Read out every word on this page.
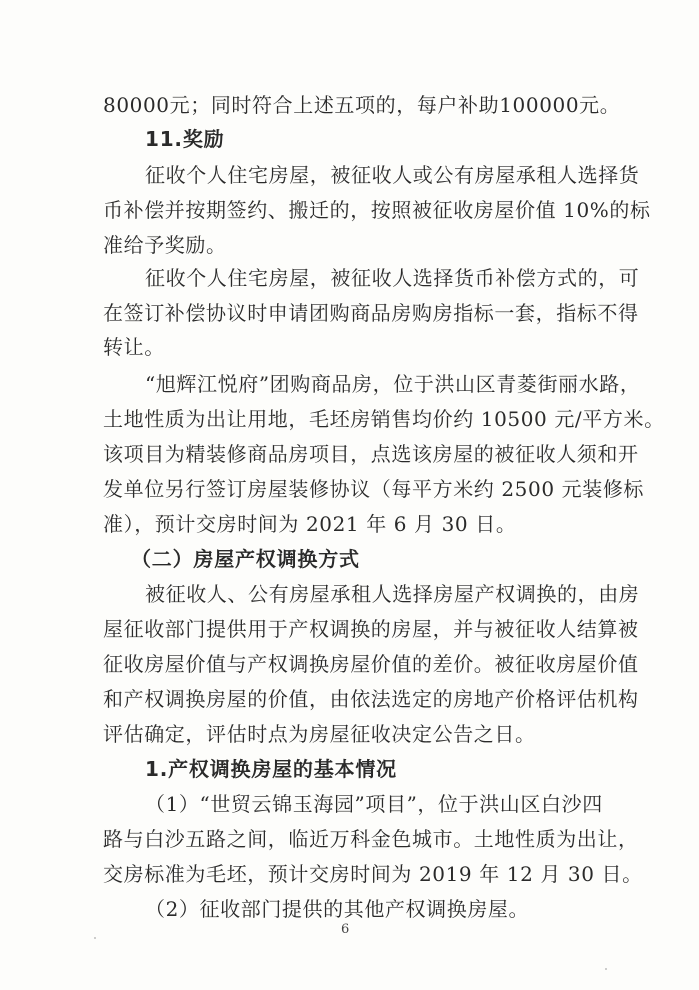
80000元；同时符合上述五项的，每户补助100000元。
11.奖励
征收个人住宅房屋，被征收人或公有房屋承租人选择货
币补偿并按期签约、搬迁的，按照被征收房屋价值 10%的标
准给予奖励。
征收个人住宅房屋，被征收人选择货币补偿方式的，可
在签订补偿协议时申请团购商品房购房指标一套，指标不得
转让。
“旭辉江悦府”团购商品房，位于洪山区青菱街丽水路，
土地性质为出让用地，毛坯房销售均价约 10500 元/平方米。
该项目为精装修商品房项目，点选该房屋的被征收人须和开
发单位另行签订房屋装修协议（每平方米约 2500 元装修标
准），预计交房时间为 2021 年 6 月 30 日。
（二）房屋产权调换方式
被征收人、公有房屋承租人选择房屋产权调换的，由房
屋征收部门提供用于产权调换的房屋，并与被征收人结算被
征收房屋价值与产权调换房屋价值的差价。被征收房屋价值
和产权调换房屋的价值，由依法选定的房地产价格评估机构
评估确定，评估时点为房屋征收决定公告之日。
1.产权调换房屋的基本情况
（1）“世贸云锦玉海园”项目”，位于洪山区白沙四
路与白沙五路之间，临近万科金色城市。土地性质为出让，
交房标准为毛坯，预计交房时间为 2019 年 12 月 30 日。
（2）征收部门提供的其他产权调换房屋。
6
